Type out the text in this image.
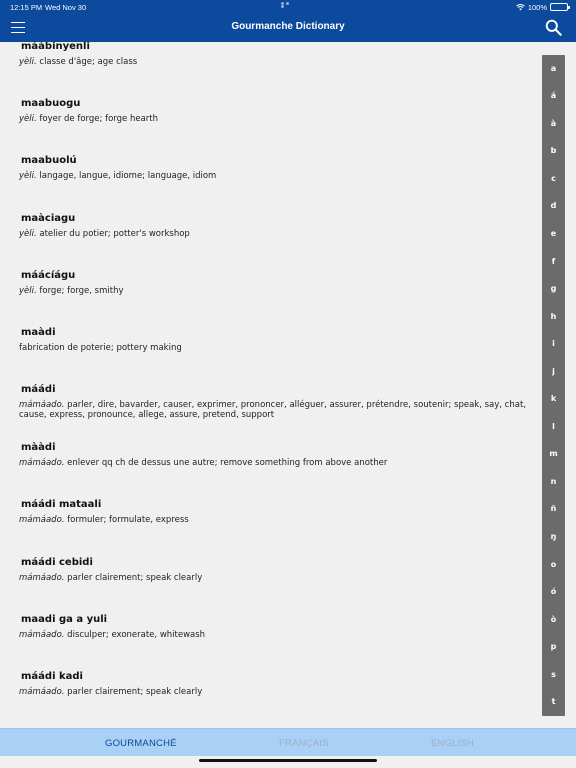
12:15 PM Wed Nov 30	100%
Gourmanche Dictionary
mààbinyenli
yèli. classe d'âge; age class
maabuogu
yèli. foyer de forge; forge hearth
maabuolú
yèli. langage, langue, idiome; language, idiom
maàciagu
yèli. atelier du potier; potter's workshop
máácíágu
yèli. forge; forge, smithy
maàdi
fabrication de poterie; pottery making
máádi
mámáado. parler, dire, bavarder, causer, exprimer, prononcer, alléguer, assurer, prétendre, soutenir; speak, say, chat, cause, express, pronounce, allege, assure, pretend, support
mààdi
mámáado. enlever qq ch de dessus une autre; remove something from above another
máádi mataali
mámáado. formuler; formulate, express
máádi cebidi
mámáado. parler clairement; speak clearly
maadi ga a yuli
mámáado. disculper; exonerate, whitewash
máádi kadi
mámáado. parler clairement; speak clearly
a
á
à
b
c
d
e
f
g
h
i
j
k
l
m
n
ñ
ŋ
o
ó
ò
p
s
t
GOURMANCHÉ	FRANÇAIS	ENGLISH
